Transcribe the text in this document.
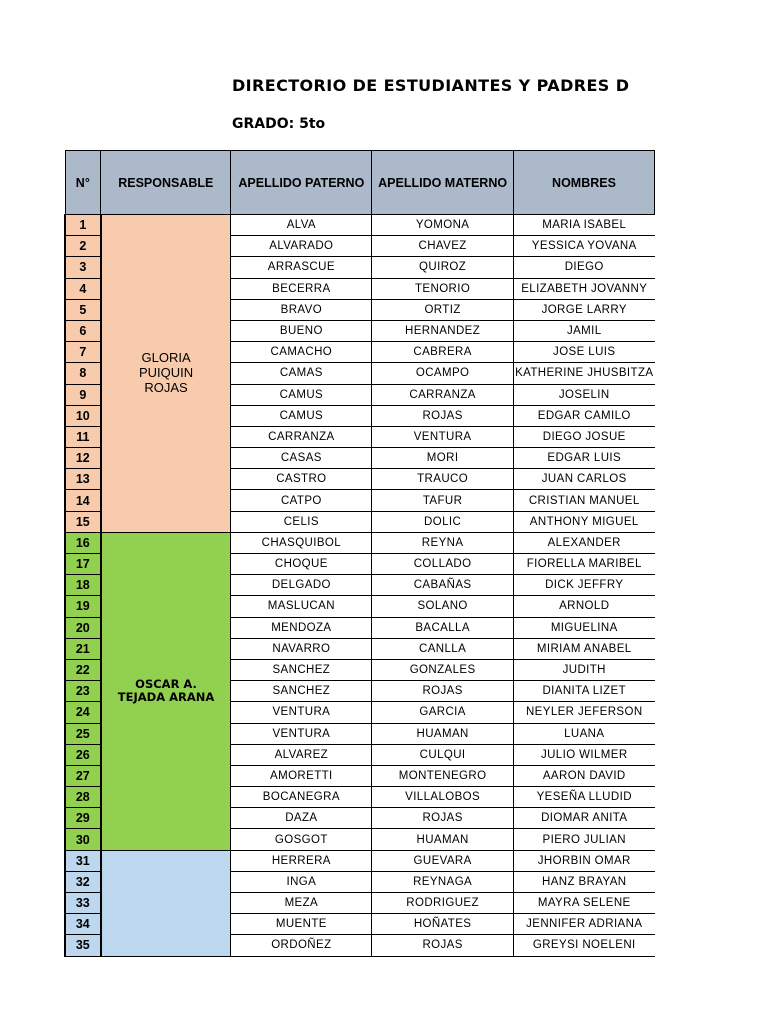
DIRECTORIO DE ESTUDIANTES Y PADRES D
GRADO: 5to
N°	RESPONSABLE	APELLIDO PATERNO	APELLIDO MATERNO	NOMBRES
1	GLORIA PUIQUIN ROJAS	ALVA	YOMONA	MARIA ISABEL
2		ALVARADO	CHAVEZ	YESSICA YOVANA
3		ARRASCUE	QUIROZ	DIEGO
4		BECERRA	TENORIO	ELIZABETH JOVANNY
5		BRAVO	ORTIZ	JORGE LARRY
6		BUENO	HERNANDEZ	JAMIL
7		CAMACHO	CABRERA	JOSE LUIS
8		CAMAS	OCAMPO	KATHERINE JHUSBITZA
9		CAMUS	CARRANZA	JOSELIN
10		CAMUS	ROJAS	EDGAR CAMILO
11		CARRANZA	VENTURA	DIEGO JOSUE
12		CASAS	MORI	EDGAR LUIS
13		CASTRO	TRAUCO	JUAN CARLOS
14		CATPO	TAFUR	CRISTIAN MANUEL
15		CELIS	DOLIC	ANTHONY MIGUEL
16	OSCAR A. TEJADA ARANA	CHASQUIBOL	REYNA	ALEXANDER
17		CHOQUE	COLLADO	FIORELLA MARIBEL
18		DELGADO	CABAÑAS	DICK JEFFRY
19		MASLUCAN	SOLANO	ARNOLD
20		MENDOZA	BACALLA	MIGUELINA
21		NAVARRO	CANLLA	MIRIAM ANABEL
22		SANCHEZ	GONZALES	JUDITH
23		SANCHEZ	ROJAS	DIANITA LIZET
24		VENTURA	GARCIA	NEYLER JEFERSON
25		VENTURA	HUAMAN	LUANA
26		ALVAREZ	CULQUI	JULIO WILMER
27		AMORETTI	MONTENEGRO	AARON DAVID
28		BOCANEGRA	VILLALOBOS	YESEÑA LLUDID
29		DAZA	ROJAS	DIOMAR ANITA
30		GOSGOT	HUAMAN	PIERO JULIAN
31		HERRERA	GUEVARA	JHORBIN OMAR
32		INGA	REYNAGA	HANZ BRAYAN
33		MEZA	RODRIGUEZ	MAYRA SELENE
34		MUENTE	HOÑATES	JENNIFER ADRIANA
35		ORDOÑEZ	ROJAS	GREYSI NOELENI
